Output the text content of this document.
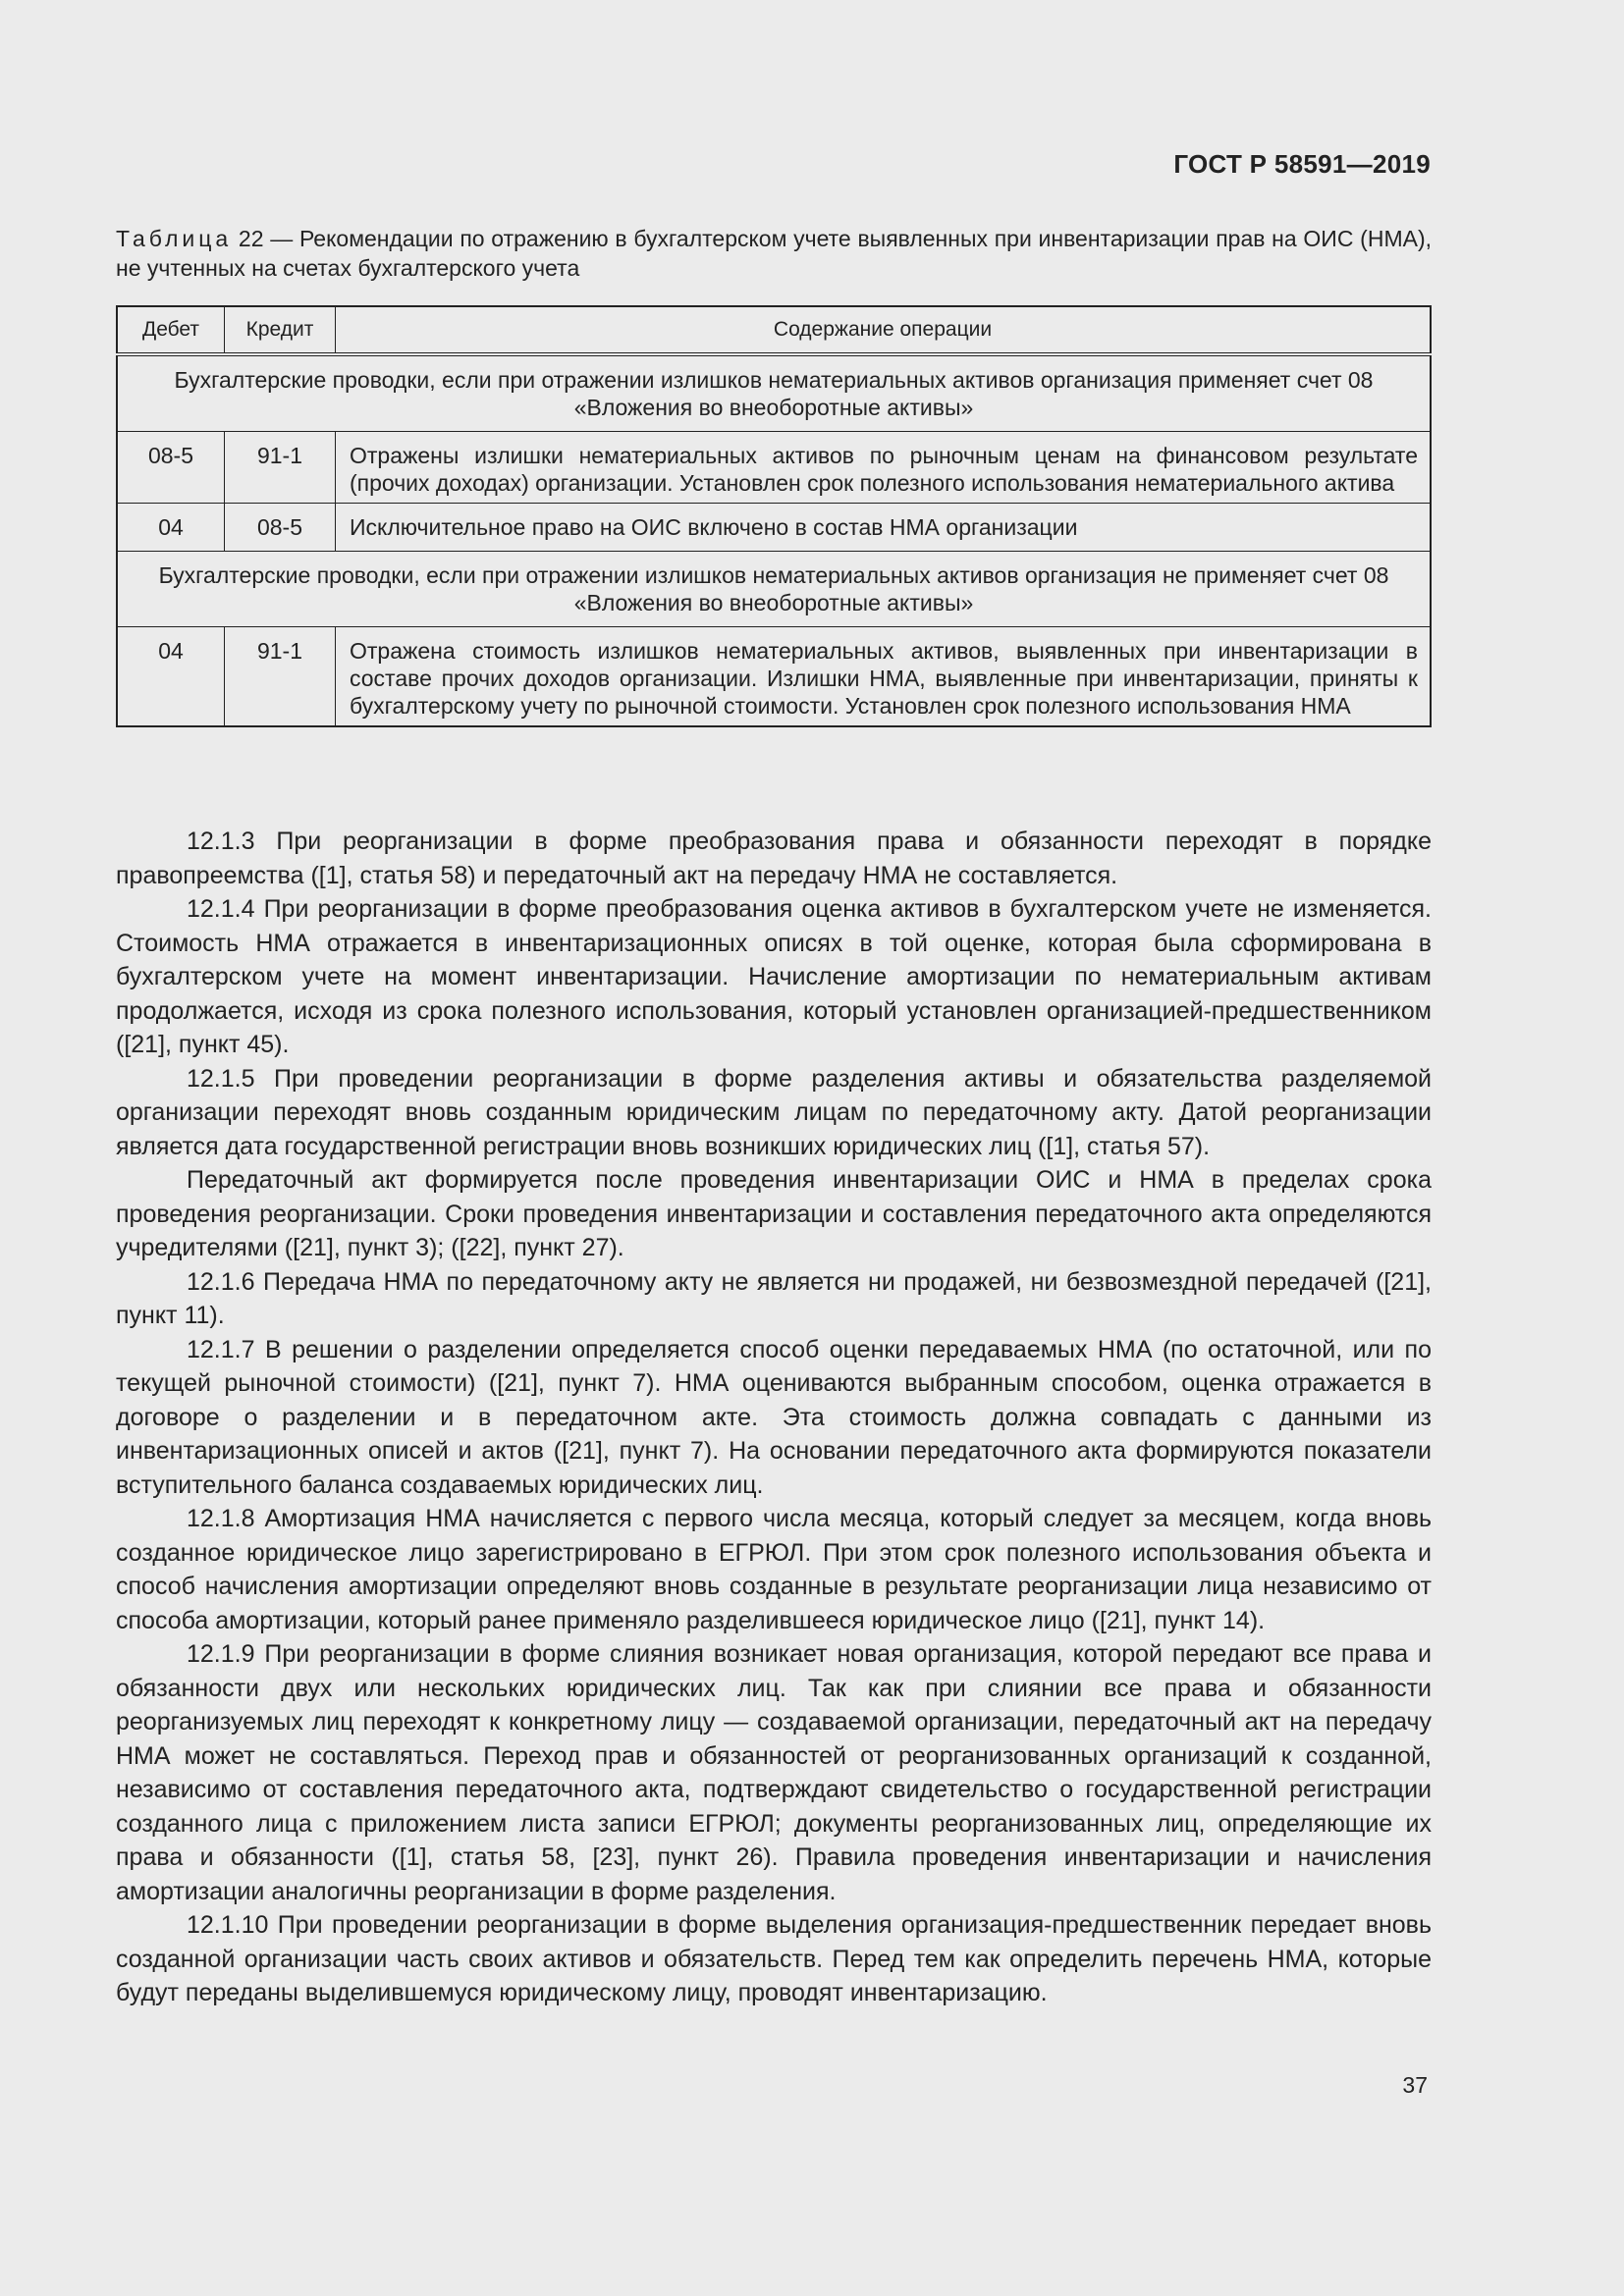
ГОСТ Р 58591—2019
Таблица 22 — Рекомендации по отражению в бухгалтерском учете выявленных при инвентаризации прав на ОИС (НМА), не учтенных на счетах бухгалтерского учета
Дебет	Кредит	Содержание операции
Бухгалтерские проводки, если при отражении излишков нематериальных активов организация применяет счет 08 «Вложения во внеоборотные активы»		
08-5	91-1	Отражены излишки нематериальных активов по рыночным ценам на финансовом результате (прочих доходах) организации. Установлен срок полезного использования нематериального актива
04	08-5	Исключительное право на ОИС включено в состав НМА организации
Бухгалтерские проводки, если при отражении излишков нематериальных активов организация не применяет счет 08 «Вложения во внеоборотные активы»		
04	91-1	Отражена стоимость излишков нематериальных активов, выявленных при инвентаризации в составе прочих доходов организации. Излишки НМА, выявленные при инвентаризации, приняты к бухгалтерскому учету по рыночной стоимости. Установлен срок полезного использования НМА

12.1.3 При реорганизации в форме преобразования права и обязанности переходят в порядке правопреемства ([1], статья 58) и передаточный акт на передачу НМА не составляется.

12.1.4 При реорганизации в форме преобразования оценка активов в бухгалтерском учете не изменяется. Стоимость НМА отражается в инвентаризационных описях в той оценке, которая была сформирована в бухгалтерском учете на момент инвентаризации. Начисление амортизации по нематериальным активам продолжается, исходя из срока полезного использования, который установлен организацией-предшественником ([21], пункт 45).

12.1.5 При проведении реорганизации в форме разделения активы и обязательства разделяемой организации переходят вновь созданным юридическим лицам по передаточному акту. Датой реорганизации является дата государственной регистрации вновь возникших юридических лиц ([1], статья 57).

Передаточный акт формируется после проведения инвентаризации ОИС и НМА в пределах срока проведения реорганизации. Сроки проведения инвентаризации и составления передаточного акта определяются учредителями ([21], пункт 3); ([22], пункт 27).

12.1.6 Передача НМА по передаточному акту не является ни продажей, ни безвозмездной передачей ([21], пункт 11).

12.1.7 В решении о разделении определяется способ оценки передаваемых НМА (по остаточной, или по текущей рыночной стоимости) ([21], пункт 7). НМА оцениваются выбранным способом, оценка отражается в договоре о разделении и в передаточном акте. Эта стоимость должна совпадать с данными из инвентаризационных описей и актов ([21], пункт 7). На основании передаточного акта формируются показатели вступительного баланса создаваемых юридических лиц.

12.1.8 Амортизация НМА начисляется с первого числа месяца, который следует за месяцем, когда вновь созданное юридическое лицо зарегистрировано в ЕГРЮЛ. При этом срок полезного использования объекта и способ начисления амортизации определяют вновь созданные в результате реорганизации лица независимо от способа амортизации, который ранее применяло разделившееся юридическое лицо ([21], пункт 14).

12.1.9 При реорганизации в форме слияния возникает новая организация, которой передают все права и обязанности двух или нескольких юридических лиц. Так как при слиянии все права и обязанности реорганизуемых лиц переходят к конкретному лицу — создаваемой организации, передаточный акт на передачу НМА может не составляться. Переход прав и обязанностей от реорганизованных организаций к созданной, независимо от составления передаточного акта, подтверждают свидетельство о государственной регистрации созданного лица с приложением листа записи ЕГРЮЛ; документы реорганизованных лиц, определяющие их права и обязанности ([1], статья 58, [23], пункт 26). Правила проведения инвентаризации и начисления амортизации аналогичны реорганизации в форме разделения.

12.1.10 При проведении реорганизации в форме выделения организация-предшественник передает вновь созданной организации часть своих активов и обязательств. Перед тем как определить перечень НМА, которые будут переданы выделившемуся юридическому лицу, проводят инвентаризацию.

37
